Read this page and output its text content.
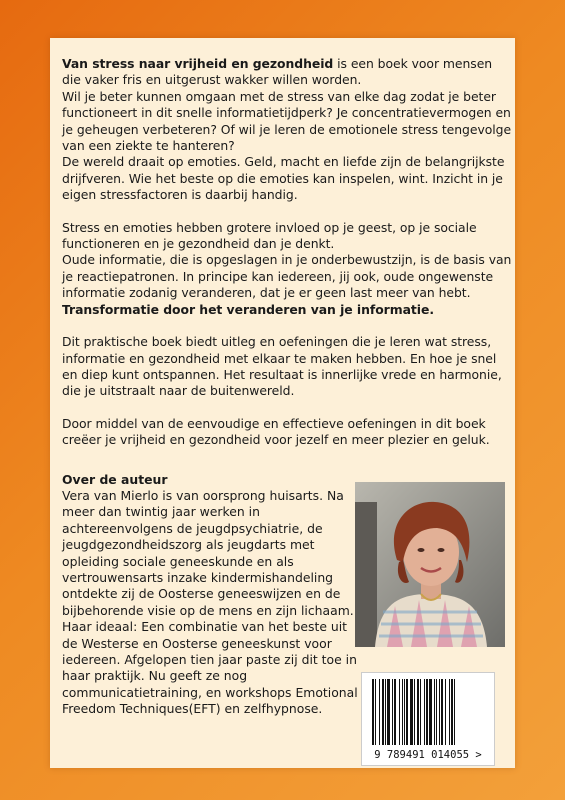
Van stress naar vrijheid en gezondheid is een boek voor mensen die vaker fris en uitgerust wakker willen worden.

Wil je beter kunnen omgaan met de stress van elke dag zodat je beter functioneert in dit snelle informatietijdperk? Je concentratievermogen en je geheugen verbeteren? Of wil je leren de emotionele stress tengevolge van een ziekte te hanteren?

De wereld draait op emoties. Geld, macht en liefde zijn de belangrijkste drijfveren. Wie het beste op die emoties kan inspelen, wint. Inzicht in je eigen stressfactoren is daarbij handig.

Stress en emoties hebben grotere invloed op je geest, op je sociale functioneren en je gezondheid dan je denkt.

Oude informatie, die is opgeslagen in je onderbewustzijn, is de basis van je reactiepatronen. In principe kan iedereen, jij ook, oude ongewenste informatie zodanig veranderen, dat je er geen last meer van hebt. Transformatie door het veranderen van je informatie.

Dit praktische boek biedt uitleg en oefeningen die je leren wat stress, informatie en gezondheid met elkaar te maken hebben. En hoe je snel en diep kunt ontspannen. Het resultaat is innerlijke vrede en harmonie, die je uitstraalt naar de buitenwereld.

Door middel van de eenvoudige en effectieve oefeningen in dit boek creëer je vrijheid en gezondheid voor jezelf en meer plezier en geluk.

Over de auteur
Vera van Mierlo is van oorsprong huisarts. Na meer dan twintig jaar werken in achtereenvolgens de jeugdpsychiatrie, de jeugdgezondheidszorg als jeugdarts met opleiding sociale geneeskunde en als vertrouwensarts inzake kindermishandeling ontdekte zij de Oosterse geneeswijzen en de bijbehorende visie op de mens en zijn lichaam. Haar ideaal: Een combinatie van het beste uit de Westerse en Oosterse geneeskunst voor iedereen. Afgelopen tien jaar paste zij dit toe in haar praktijk. Nu geeft ze nog communicatietraining, en workshops Emotional Freedom Techniques(EFT) en zelfhypnose.
9 789491 014055 >
